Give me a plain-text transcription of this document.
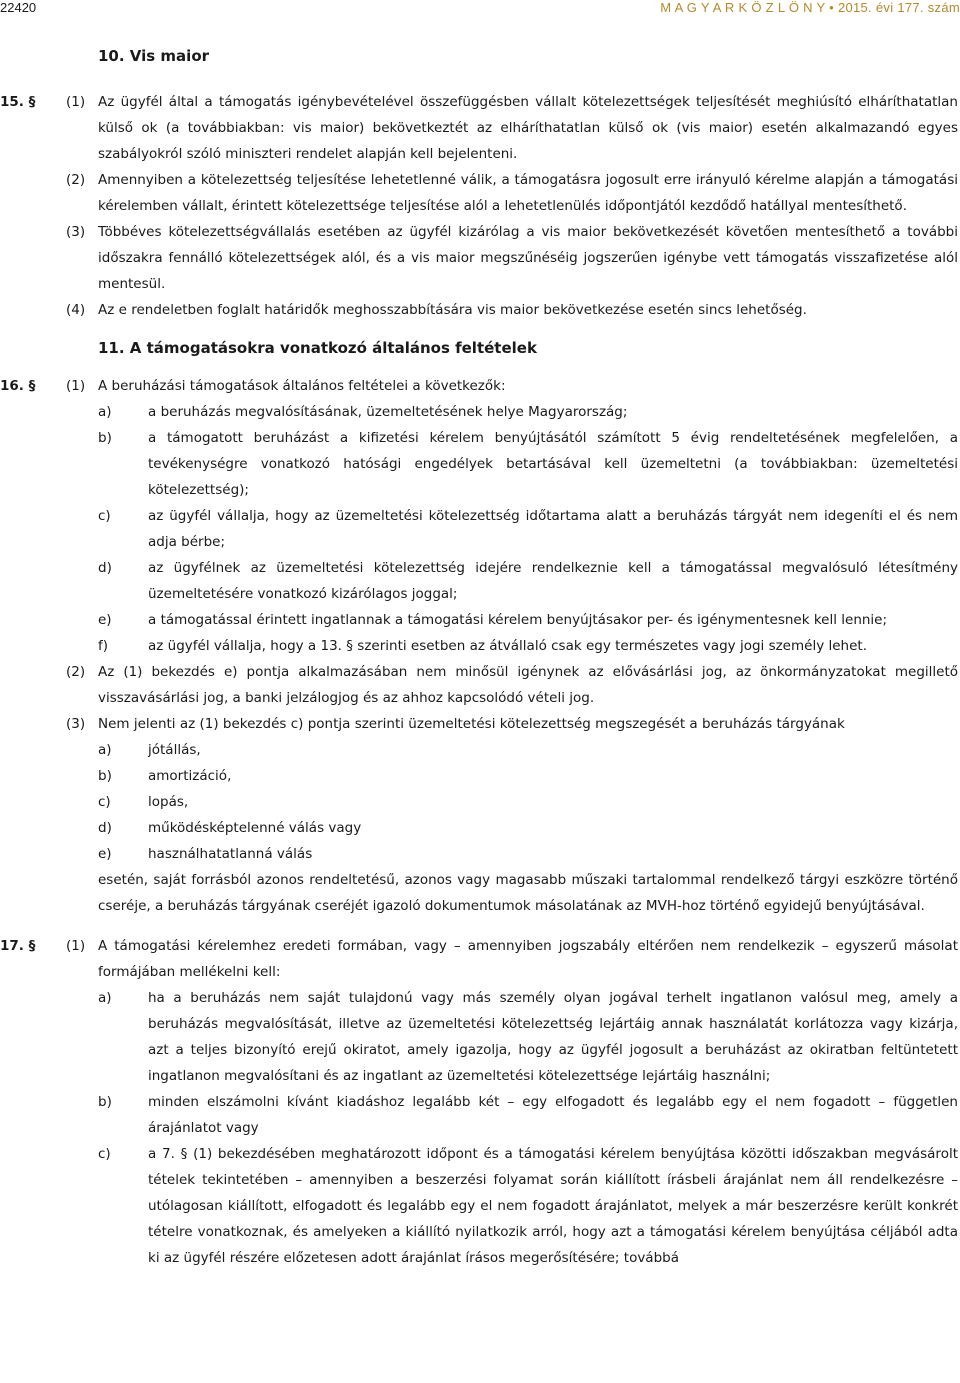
22420	M A G Y A R K Ö Z L Ö N Y • 2015. évi 177. szám
10. Vis maior
15. §	(1) Az ügyfél által a támogatás igénybevételével összefüggésben vállalt kötelezettségek teljesítését meghiúsító elháríthatatlan külső ok (a továbbiakban: vis maior) bekövetkeztét az elháríthatatlan külső ok (vis maior) esetén alkalmazandó egyes szabályokról szóló miniszteri rendelet alapján kell bejelenteni.
(2) Amennyiben a kötelezettség teljesítése lehetetlenné válik, a támogatásra jogosult erre irányuló kérelme alapján a támogatási kérelemben vállalt, érintett kötelezettsége teljesítése alól a lehetetlenülés időpontjától kezdődő hatállyal mentesíthető.
(3) Többéves kötelezettségvállalás esetében az ügyfél kizárólag a vis maior bekövetkezését követően mentesíthető a további időszakra fennálló kötelezettségek alól, és a vis maior megszűnéséig jogszerűen igénybe vett támogatás visszafizetése alól mentesül.
(4) Az e rendeletben foglalt határidők meghosszabbítására vis maior bekövetkezése esetén sincs lehetőség.
11. A támogatásokra vonatkozó általános feltételek
16. §	(1) A beruházási támogatások általános feltételei a következők:
a)	a beruházás megvalósításának, üzemeltetésének helye Magyarország;
b)	a támogatott beruházást a kifizetési kérelem benyújtásától számított 5 évig rendeltetésének megfelelően, a tevékenységre vonatkozó hatósági engedélyek betartásával kell üzemeltetni (a továbbiakban: üzemeltetési kötelezettség);
c)	az ügyfél vállalja, hogy az üzemeltetési kötelezettség időtartama alatt a beruházás tárgyát nem idegeníti el és nem adja bérbe;
d)	az ügyfélnek az üzemeltetési kötelezettség idejére rendelkeznie kell a támogatással megvalósuló létesítmény üzemeltetésére vonatkozó kizárólagos joggal;
e)	a támogatással érintett ingatlannak a támogatási kérelem benyújtásakor per- és igénymentesnek kell lennie;
f)	az ügyfél vállalja, hogy a 13. § szerinti esetben az átvállaló csak egy természetes vagy jogi személy lehet.
(2) Az (1) bekezdés e) pontja alkalmazásában nem minősül igénynek az elővásárlási jog, az önkormányzatokat megillető visszavásárlási jog, a banki jelzálogjog és az ahhoz kapcsolódó vételi jog.
(3) Nem jelenti az (1) bekezdés c) pontja szerinti üzemeltetési kötelezettség megszegését a beruházás tárgyának
a)	jótállás,
b)	amortizáció,
c)	lopás,
d)	működésképtelenné válás vagy
e)	használhatatlanná válás
esetén, saját forrásból azonos rendeltetésű, azonos vagy magasabb műszaki tartalommal rendelkező tárgyi eszközre történő cseréje, a beruházás tárgyának cseréjét igazoló dokumentumok másolatának az MVH-hoz történő egyidejű benyújtásával.
17. §	(1) A támogatási kérelemhez eredeti formában, vagy – amennyiben jogszabály eltérően nem rendelkezik – egyszerű másolat formájában mellékelni kell:
a)	ha a beruházás nem saját tulajdonú vagy más személy olyan jogával terhelt ingatlanon valósul meg, amely a beruházás megvalósítását, illetve az üzemeltetési kötelezettség lejártáig annak használatát korlátozza vagy kizárja, azt a teljes bizonyító erejű okiratot, amely igazolja, hogy az ügyfél jogosult a beruházást az okiratban feltüntetett ingatlanon megvalósítani és az ingatlant az üzemeltetési kötelezettsége lejártáig használni;
b)	minden elszámolni kívánt kiadáshoz legalább két – egy elfogadott és legalább egy el nem fogadott – független árajánlatot vagy
c)	a 7. § (1) bekezdésében meghatározott időpont és a támogatási kérelem benyújtása közötti időszakban megvásárolt tételek tekintetében – amennyiben a beszerzési folyamat során kiállított írásbeli árajánlat nem áll rendelkezésre – utólagosan kiállított, elfogadott és legalább egy el nem fogadott árajánlatot, melyek a már beszerzésre került konkrét tételre vonatkoznak, és amelyeken a kiállító nyilatkozik arról, hogy azt a támogatási kérelem benyújtása céljából adta ki az ügyfél részére előzetesen adott árajánlat írásos megerősítésére; továbbá
